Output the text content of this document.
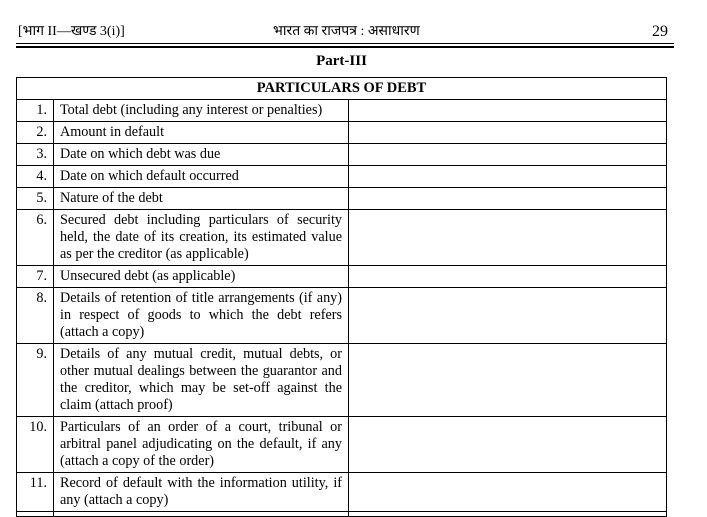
[भाग II—खण्ड 3(i)]	भारत का राजपत्र : असाधारण	29
Part-III
PARTICULARS OF DEBT		
1.	Total debt (including any interest or penalties)	
2.	Amount in default	
3.	Date on which debt was due	
4.	Date on which default occurred	
5.	Nature of the debt	
6.	Secured debt including particulars of security held, the date of its creation, its estimated value as per the creditor (as applicable)	
7.	Unsecured debt (as applicable)	
8.	Details of retention of title arrangements (if any) in respect of goods to which the debt refers (attach a copy)	
9.	Details of any mutual credit, mutual debts, or other mutual dealings between the guarantor and the creditor, which may be set-off against the claim (attach proof)	
10.	Particulars of an order of a court, tribunal or arbitral panel adjudicating on the default, if any (attach a copy of the order)	
11.	Record of default with the information utility, if any (attach a copy)	
